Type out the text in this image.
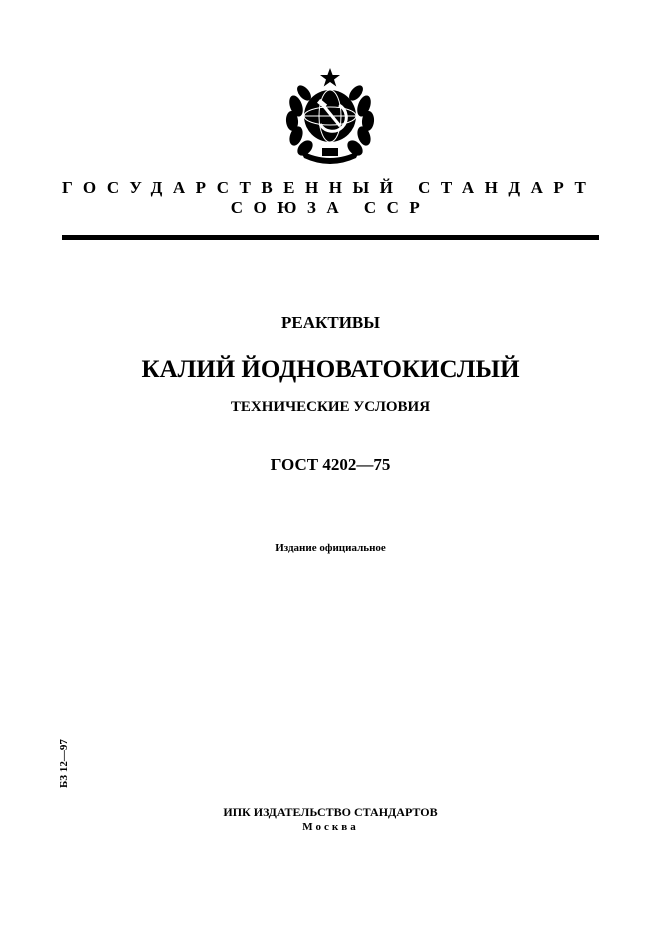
ГОСУДАРСТВЕННЫЙ СТАНДАРТ
СОЮЗА ССР
РЕАКТИВЫ
КАЛИЙ ЙОДНОВАТОКИСЛЫЙ
ТЕХНИЧЕСКИЕ УСЛОВИЯ
ГОСТ 4202—75
Издание официальное
БЗ 12—97
ИПК ИЗДАТЕЛЬСТВО СТАНДАРТОВ
Москва
